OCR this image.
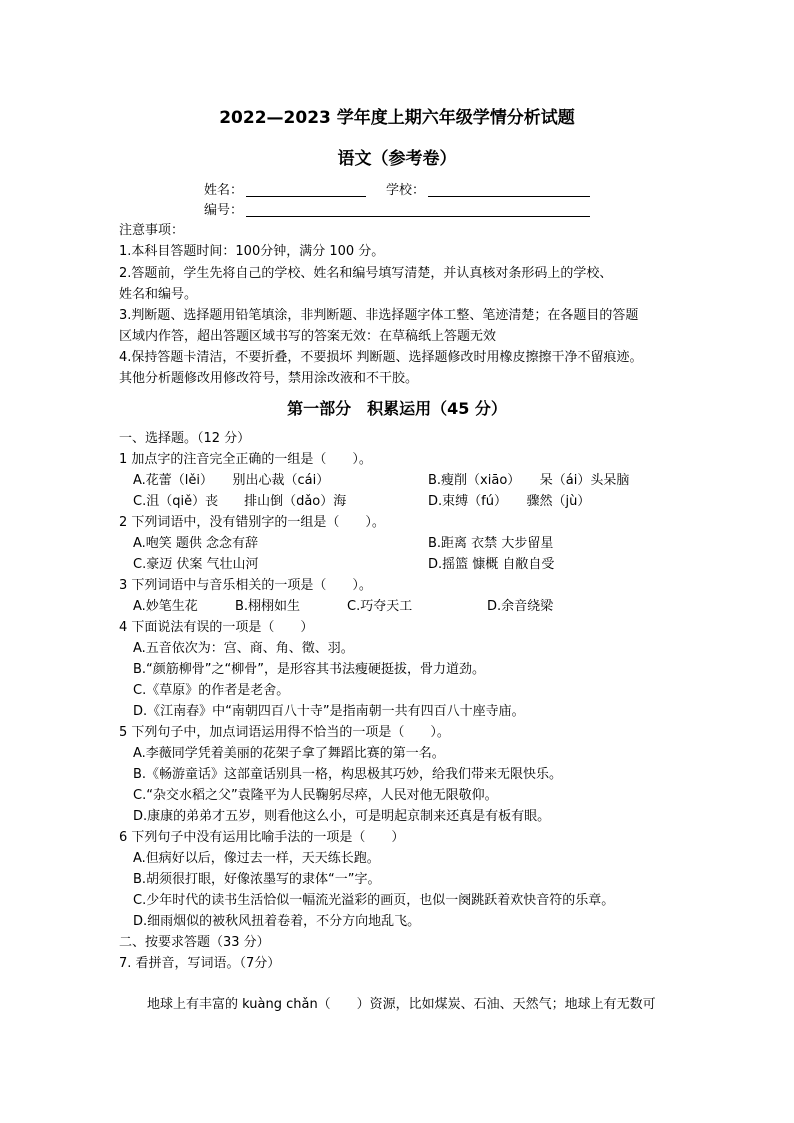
2022—2023 学年度上期六年级学情分析试题
语文（参考卷）
姓名：	学校：
编号：
注意事项：
1.本科目答题时间：100分钟，满分 100 分。
2.答题前，学生先将自己的学校、姓名和编号填写清楚，并认真核对条形码上的学校、
姓名和编号。
3.判断题、选择题用铅笔填涂，非判断题、非选择题字体工整、笔迹清楚；在各题目的答题
区域内作答，超出答题区域书写的答案无效：在草稿纸上答题无效
4.保持答题卡清洁，不要折叠，不要损坏 判断题、选择题修改时用橡皮擦擦干净不留痕迹。
其他分析题修改用修改符号，禁用涂改液和不干胶。
第一部分　积累运用（45 分）
一、选择题。（12 分）
1 加点字的注音完全正确的一组是（　　）。
A.花蕾（lěi）　　别出心裁（cái）	B.瘦削（xiāo）　　呆（ái）头呆脑
C.沮（qiě）丧　　排山倒（dǎo）海	D.束缚（fú）　　骤然（jù）
2 下列词语中，没有错别字的一组是（　　）。
A.咆笑 题供 念念有辞	B.距离 衣禁 大步留星
C.豪迈 伏案 气壮山河	D.摇篮 慷概 自敝自受
3 下列词语中与音乐相关的一项是（　　）。
A.妙笔生花	B.栩栩如生	C.巧夺天工	D.余音绕梁
4 下面说法有误的一项是（　　）
A.五音依次为：宫、商、角、徵、羽。
B.“颜筋柳骨”之“柳骨”，是形容其书法瘦硬挺拔，骨力道劲。
C.《草原》的作者是老舍。
D.《江南春》中“南朝四百八十寺”是指南朝一共有四百八十座寺庙。
5 下列句子中，加点词语运用得不恰当的一项是（　　）。
A.李薇同学凭着美丽的花架子拿了舞蹈比赛的第一名。
B.《畅游童话》这部童话别具一格，构思极其巧妙，给我们带来无限快乐。
C.“杂交水稻之父”袁隆平为人民鞠躬尽瘁，人民对他无限敬仰。
D.康康的弟弟才五岁，则看他这么小，可是明起京制来还真是有板有眼。
6 下列句子中没有运用比喻手法的一项是（　　）
A.但病好以后，像过去一样，天天练长跑。
B.胡须很打眼，好像浓墨写的隶体“一”字。
C.少年时代的读书生活恰似一幅流光溢彩的画页，也似一阕跳跃着欢快音符的乐章。
D.细雨烟似的被秋风扭着卷着，不分方向地乱飞。
二、按要求答题（33 分）
7. 看拼音，写词语。（7分）
地球上有丰富的 kuàng chǎn（　　）资源，比如煤炭、石油、天然气；地球上有无数可
